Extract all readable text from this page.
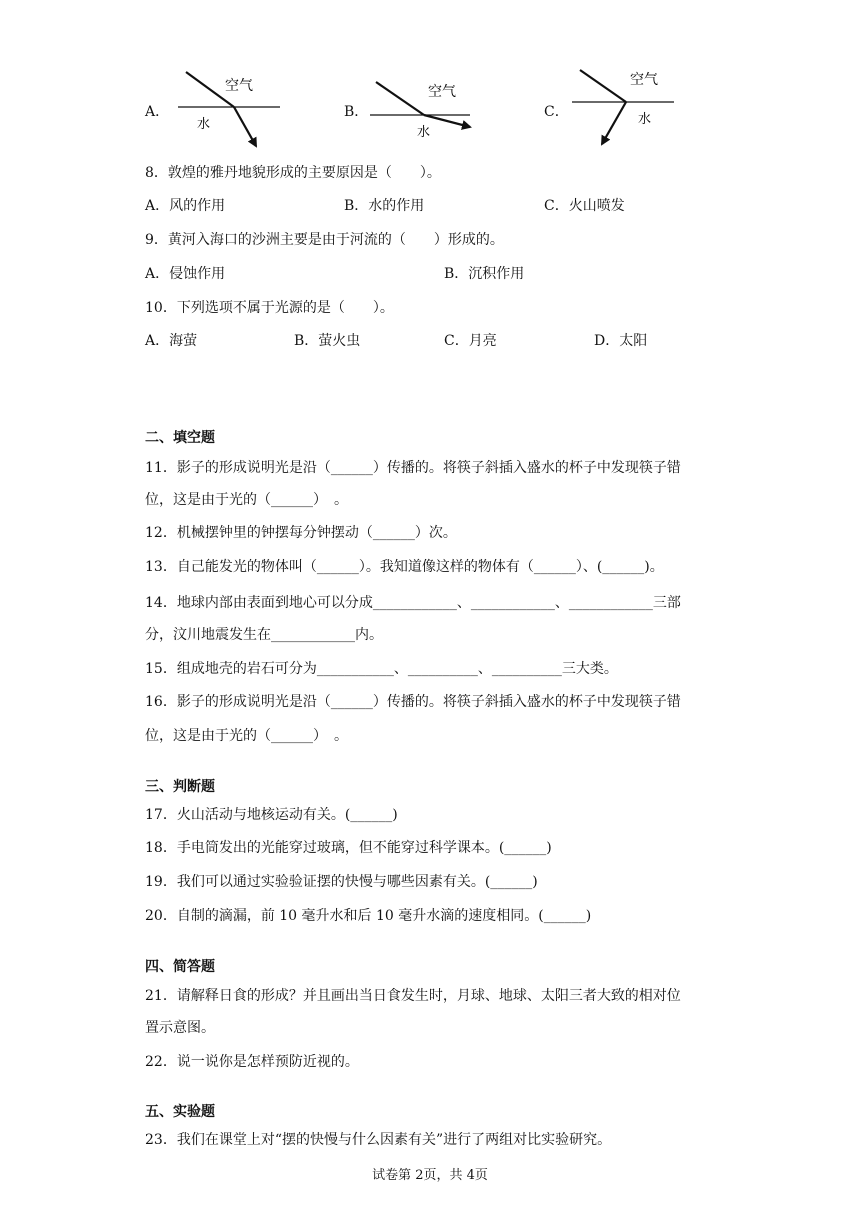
A．
空气
水
B．
空气
水
C．
空气
水
8．敦煌的雅丹地貌形成的主要原因是（　　）。
A．风的作用	B．水的作用	C．火山喷发
9．黄河入海口的沙洲主要是由于河流的（　　）形成的。
A．侵蚀作用	B．沉积作用
10．下列选项不属于光源的是（　　）。
A．海萤	B．萤火虫	C．月亮	D．太阳
二、填空题
11．影子的形成说明光是沿（______）传播的。将筷子斜插入盛水的杯子中发现筷子错
位，这是由于光的（______）　。
12．机械摆钟里的钟摆每分钟摆动（______）次。
13．自己能发光的物体叫（______）。我知道像这样的物体有（______）、(______)。
14．地球内部由表面到地心可以分成____________、____________、____________三部
分，汶川地震发生在____________内。
15．组成地壳的岩石可分为___________、__________、__________三大类。
16．影子的形成说明光是沿（______）传播的。将筷子斜插入盛水的杯子中发现筷子错
位，这是由于光的（______）　。
三、判断题
17．火山活动与地核运动有关。(______)
18．手电筒发出的光能穿过玻璃，但不能穿过科学课本。(______)
19．我们可以通过实验验证摆的快慢与哪些因素有关。(______)
20．自制的滴漏，前 10 毫升水和后 10 毫升水滴的速度相同。(______)
四、简答题
21．请解释日食的形成？并且画出当日食发生时，月球、地球、太阳三者大致的相对位
置示意图。
22．说一说你是怎样预防近视的。
五、实验题
23．我们在课堂上对“摆的快慢与什么因素有关”进行了两组对比实验研究。
试卷第 2页，共 4页
